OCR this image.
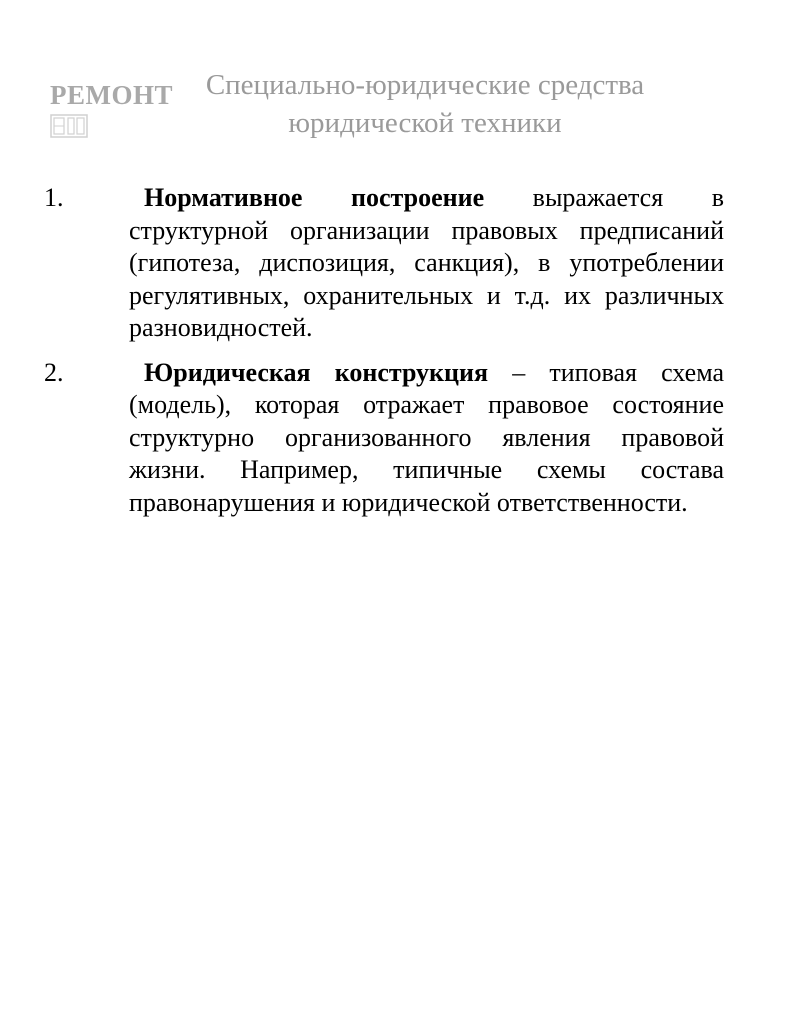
РЕМОНТ	Специально-юридические средства
юридической техники
1.	Нормативное построение выражается в структурной организации правовых предписаний (гипотеза, диспозиция, санкция), в употреблении регулятивных, охранительных и т.д. их различных разновидностей.
2.	Юридическая конструкция – типовая схема (модель), которая отражает правовое состояние структурно организованного явления правовой жизни. Например, типичные схемы состава правонарушения и юридической ответственности.
